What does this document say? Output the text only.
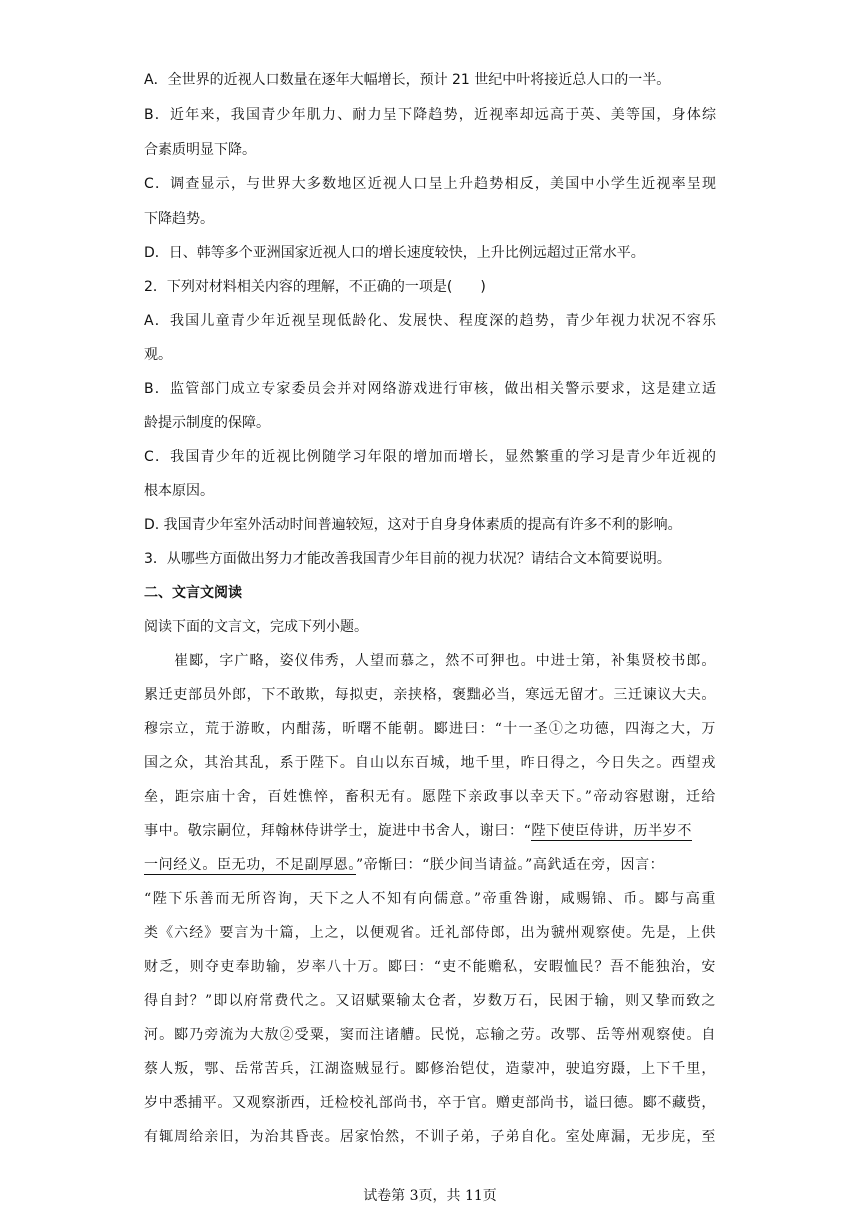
A．全世界的近视人口数量在逐年大幅增长，预计 21 世纪中叶将接近总人口的一半。
B．近年来，我国青少年肌力、耐力呈下降趋势，近视率却远高于英、美等国，身体综
合素质明显下降。
C．调查显示，与世界大多数地区近视人口呈上升趋势相反，美国中小学生近视率呈现
下降趋势。
D．日、韩等多个亚洲国家近视人口的增长速度较快，上升比例远超过正常水平。
2．下列对材料相关内容的理解，不正确的一项是(　　)
A．我国儿童青少年近视呈现低龄化、发展快、程度深的趋势，青少年视力状况不容乐
观。
B．监管部门成立专家委员会并对网络游戏进行审核，做出相关警示要求，这是建立适
龄提示制度的保障。
C．我国青少年的近视比例随学习年限的增加而增长，显然繁重的学习是青少年近视的
根本原因。
D. 我国青少年室外活动时间普遍较短，这对于自身身体素质的提高有许多不利的影响。
3．从哪些方面做出努力才能改善我国青少年目前的视力状况？请结合文本简要说明。
二、文言文阅读
阅读下面的文言文，完成下列小题。
　　崔郾，字广略，姿仪伟秀，人望而慕之，然不可狎也。中进士第，补集贤校书郎。
累迁吏部员外郎，下不敢欺，每拟吏，亲挟格，褒黜必当，寒远无留才。三迁谏议大夫。
穆宗立，荒于游畋，内酣荡，昕曙不能朝。郾进曰：“十一圣①之功德，四海之大，万
国之众，其治其乱，系于陛下。自山以东百城，地千里，昨日得之，今日失之。西望戎
垒，距宗庙十舍，百姓憔悴，畜积无有。愿陛下亲政事以幸天下。”帝动容慰谢，迁给
事中。敬宗嗣位，拜翰林侍讲学士，旋进中书舍人，谢曰：“陛下使臣侍讲，历半岁不
一问经义。臣无功，不足副厚恩。”帝惭曰：“朕少间当请益。”高釴适在旁，因言：
“陛下乐善而无所咨询，天下之人不知有向儒意。”帝重咎谢，咸赐锦、币。郾与高重
类《六经》要言为十篇，上之，以便观省。迁礼部侍郎，出为虢州观察使。先是，上供
财乏，则夺吏奉助输，岁率八十万。郾曰：“吏不能赡私，安暇恤民？吾不能独治，安
得自封？”即以府常费代之。又诏赋粟输太仓者，岁数万石，民困于输，则又挚而致之
河。郾乃旁流为大敖②受粟，窦而注诸艚。民悦，忘输之劳。改鄂、岳等州观察使。自
蔡人叛，鄂、岳常苦兵，江湖盗贼显行。郾修治铠仗，造蒙冲，驶追穷蹑，上下千里，
岁中悉捕平。又观察浙西，迁检校礼部尚书，卒于官。赠吏部尚书，谥曰德。郾不藏赀，
有辄周给亲旧，为治其昏丧。居家怡然，不训子弟，子弟自化。室处庳漏，无步庑，至
试卷第 3页，共 11页
